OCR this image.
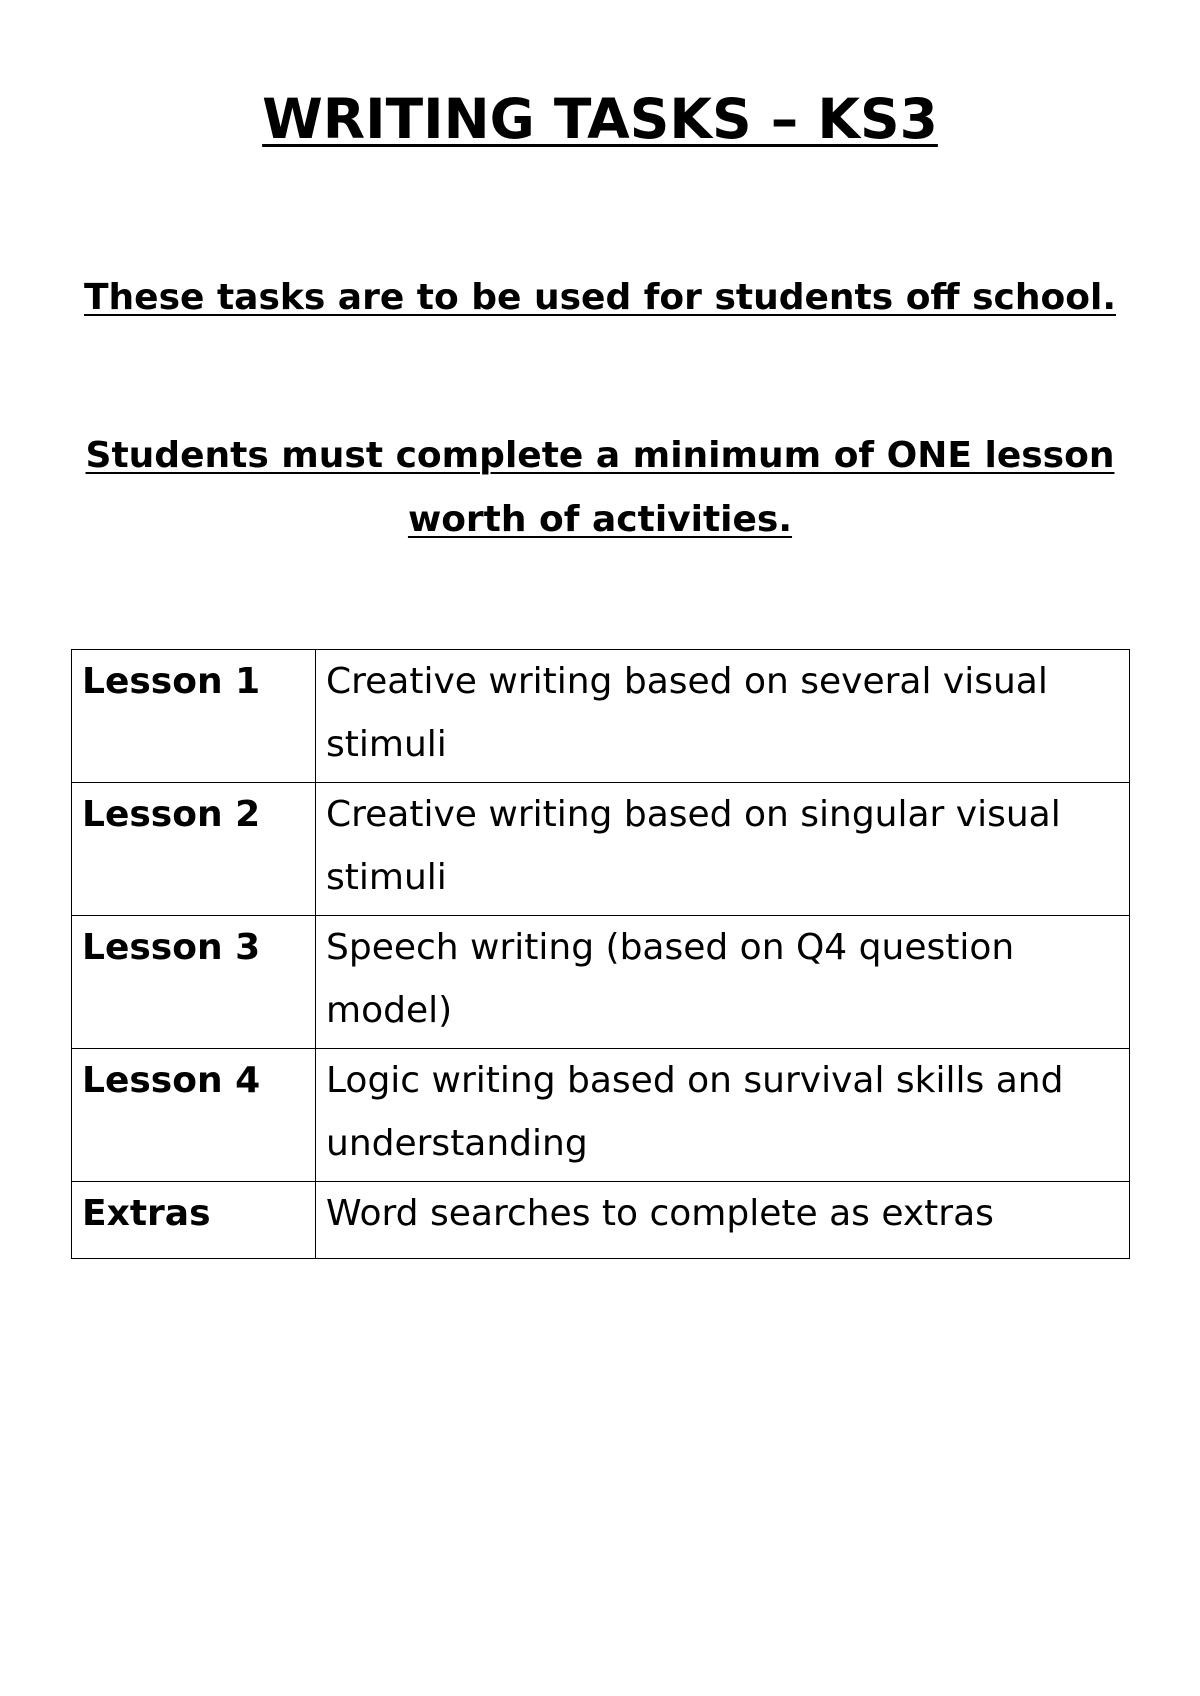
WRITING TASKS – KS3

These tasks are to be used for students off school.

Students must complete a minimum of ONE lesson worth of activities.

Lesson 1	Creative writing based on several visual stimuli
Lesson 2	Creative writing based on singular visual stimuli
Lesson 3	Speech writing (based on Q4 question model)
Lesson 4	Logic writing based on survival skills and understanding
Extras	Word searches to complete as extras
